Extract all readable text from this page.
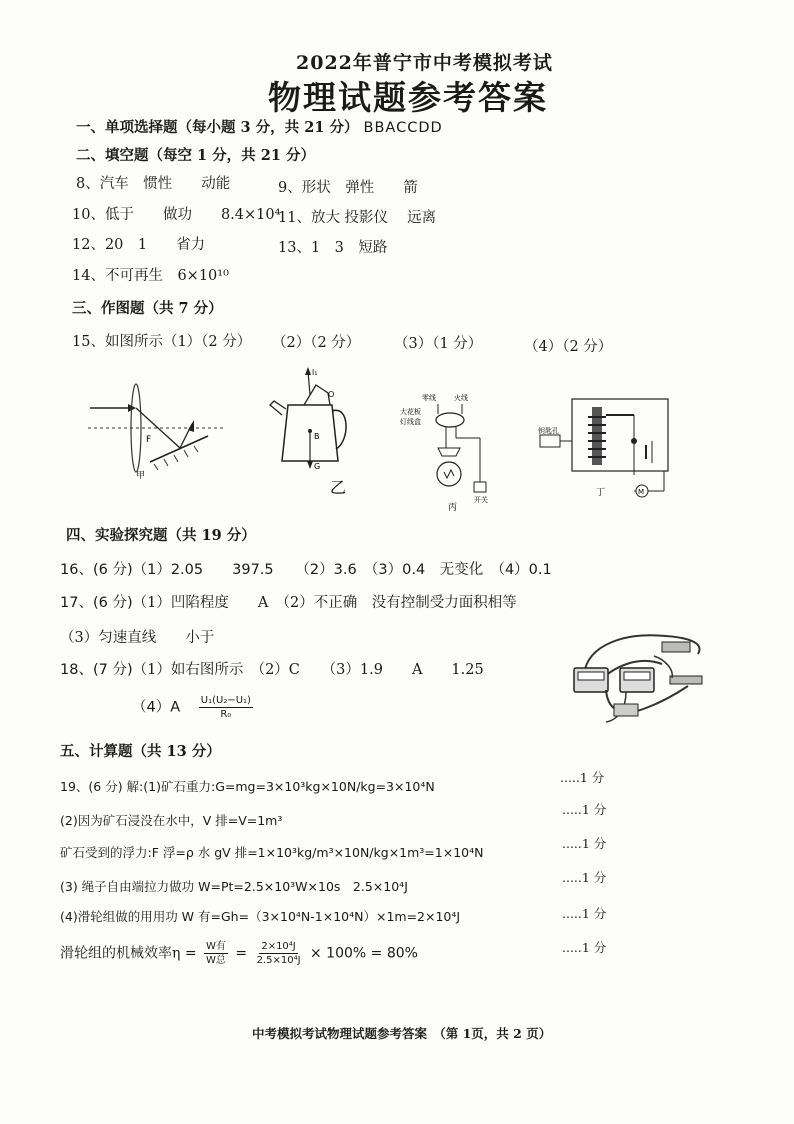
2022年普宁市中考模拟考试
物理试题参考答案
一、单项选择题（每小题 3 分，共 21 分） BBACCDD
二、填空题（每空 1 分，共 21 分）
8、汽车　惯性　　动能	9、形状　弹性　　箭
10、低于　　做功　　8.4×10⁴
11、放大 投影仪　 远离
12、20　1　　省力	13、1　3　短路
14、不可再生　6×10¹⁰
三、作图题（共 7 分）
15、如图所示（1）（2 分） （2）（2 分） （3）（1 分）	（4）（2 分）
F
甲
l₁
O
B
G
乙
零线	火线
大花板
灯线盒
开关
丙
钥匙孔
M
丁
四、实验探究题（共 19 分）
16、(6 分)（1）2.05　　397.5　　（2）3.6　（3）0.4　无变化　（4）0.1
17、(6 分)（1）凹陷程度　　A　（2）不正确　没有控制受力面积相等
（3）匀速直线　　小于
18、(7 分)（1）如右图所示　（2）C　　（3）1.9　　A　　1.25
$(4)A \frac{\text{U₁(U₂−U₁)}}{\text{R₀}}$
五、计算题（共 13 分）
19、(6 分) 解:(1)矿石重力:G=mg=3×10³kg×10N/kg=3×10⁴N
.....1 分
(2)因为矿石浸没在水中，V 排=V=1m³
.....1 分
矿石受到的浮力:F 浮=ρ 水 gV 排=1×10³kg/m³×10N/kg×1m³=1×10⁴N
.....1 分
(3) 绳子自由端拉力做功 W=Pt=2.5×10³W×10s　2.5×10⁴J
.....1 分
(4)滑轮组做的用用功 W 有=Gh=（3×10⁴N-1×10⁴N）×1m=2×10⁴J	.....1 分
滑轮组的机械效率$\eta = \frac{\text{W有}}{\text{W总}} = \frac{\text{2×10⁴J}}{\text{2.5×10⁴J}} \times 100\% = 80\%$	.....1 分
中考模拟考试物理试题参考答案　（第 1页，共 2 页）
